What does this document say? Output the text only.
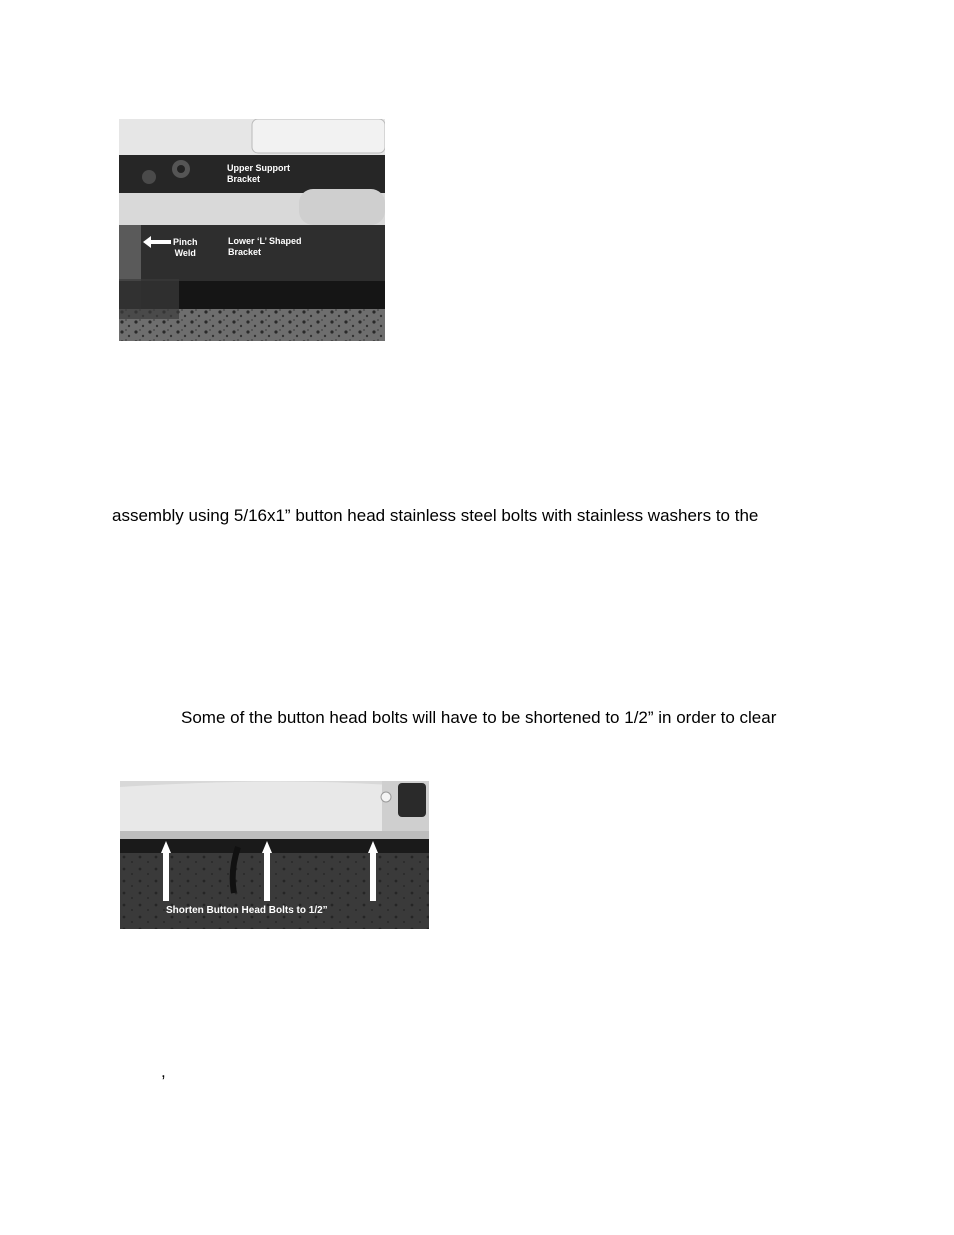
Upper Support
Bracket
Pinch
Weld
Lower ‘L’ Shaped
Bracket
assembly using 5/16x1” button head stainless steel bolts with stainless washers to the
Some of the button head bolts will have to be shortened to 1/2” in order to clear
Shorten Button Head Bolts to 1/2”
,
